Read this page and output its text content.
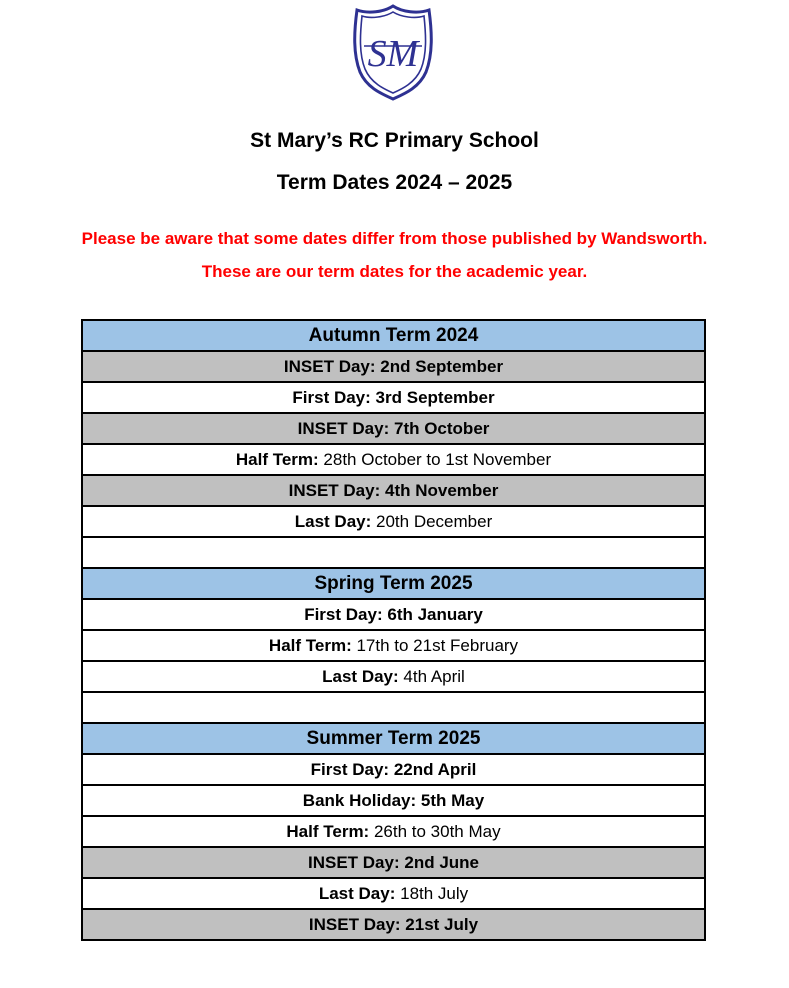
SM
St Mary’s RC Primary School
Term Dates 2024 – 2025

Please be aware that some dates differ from those published by Wandsworth.

These are our term dates for the academic year.

Autumn Term 2024
INSET Day: 2nd September
First Day: 3rd September
INSET Day: 7th October
Half Term: 28th October to 1st November
INSET Day: 4th November
Last Day: 20th December

Spring Term 2025
First Day: 6th January
Half Term: 17th to 21st February
Last Day: 4th April

Summer Term 2025
First Day: 22nd April
Bank Holiday: 5th May
Half Term: 26th to 30th May
INSET Day: 2nd June
Last Day: 18th July
INSET Day: 21st July
